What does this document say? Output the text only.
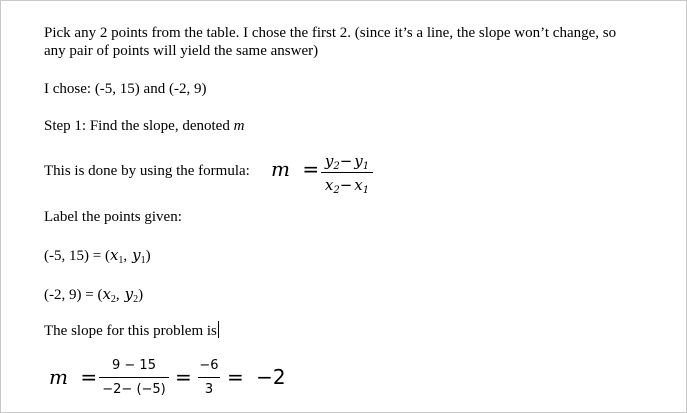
Pick any 2 points from the table. I chose the first 2. (since it’s a line, the slope won’t change, so
any pair of points will yield the same answer)
I chose: (-5, 15) and (-2, 9)
Step 1: Find the slope, denoted m
This is done by using the formula: $m = y_2- y_1$
$x_2- x_1$
Label the points given:
(-5, $15) = (x_1$, $y_1$)
(-2, $9) = (x_2$, $y_2$)
The slope for this problem is
m =	9 − 15
−2− (−5)
= −6
3
= −2
